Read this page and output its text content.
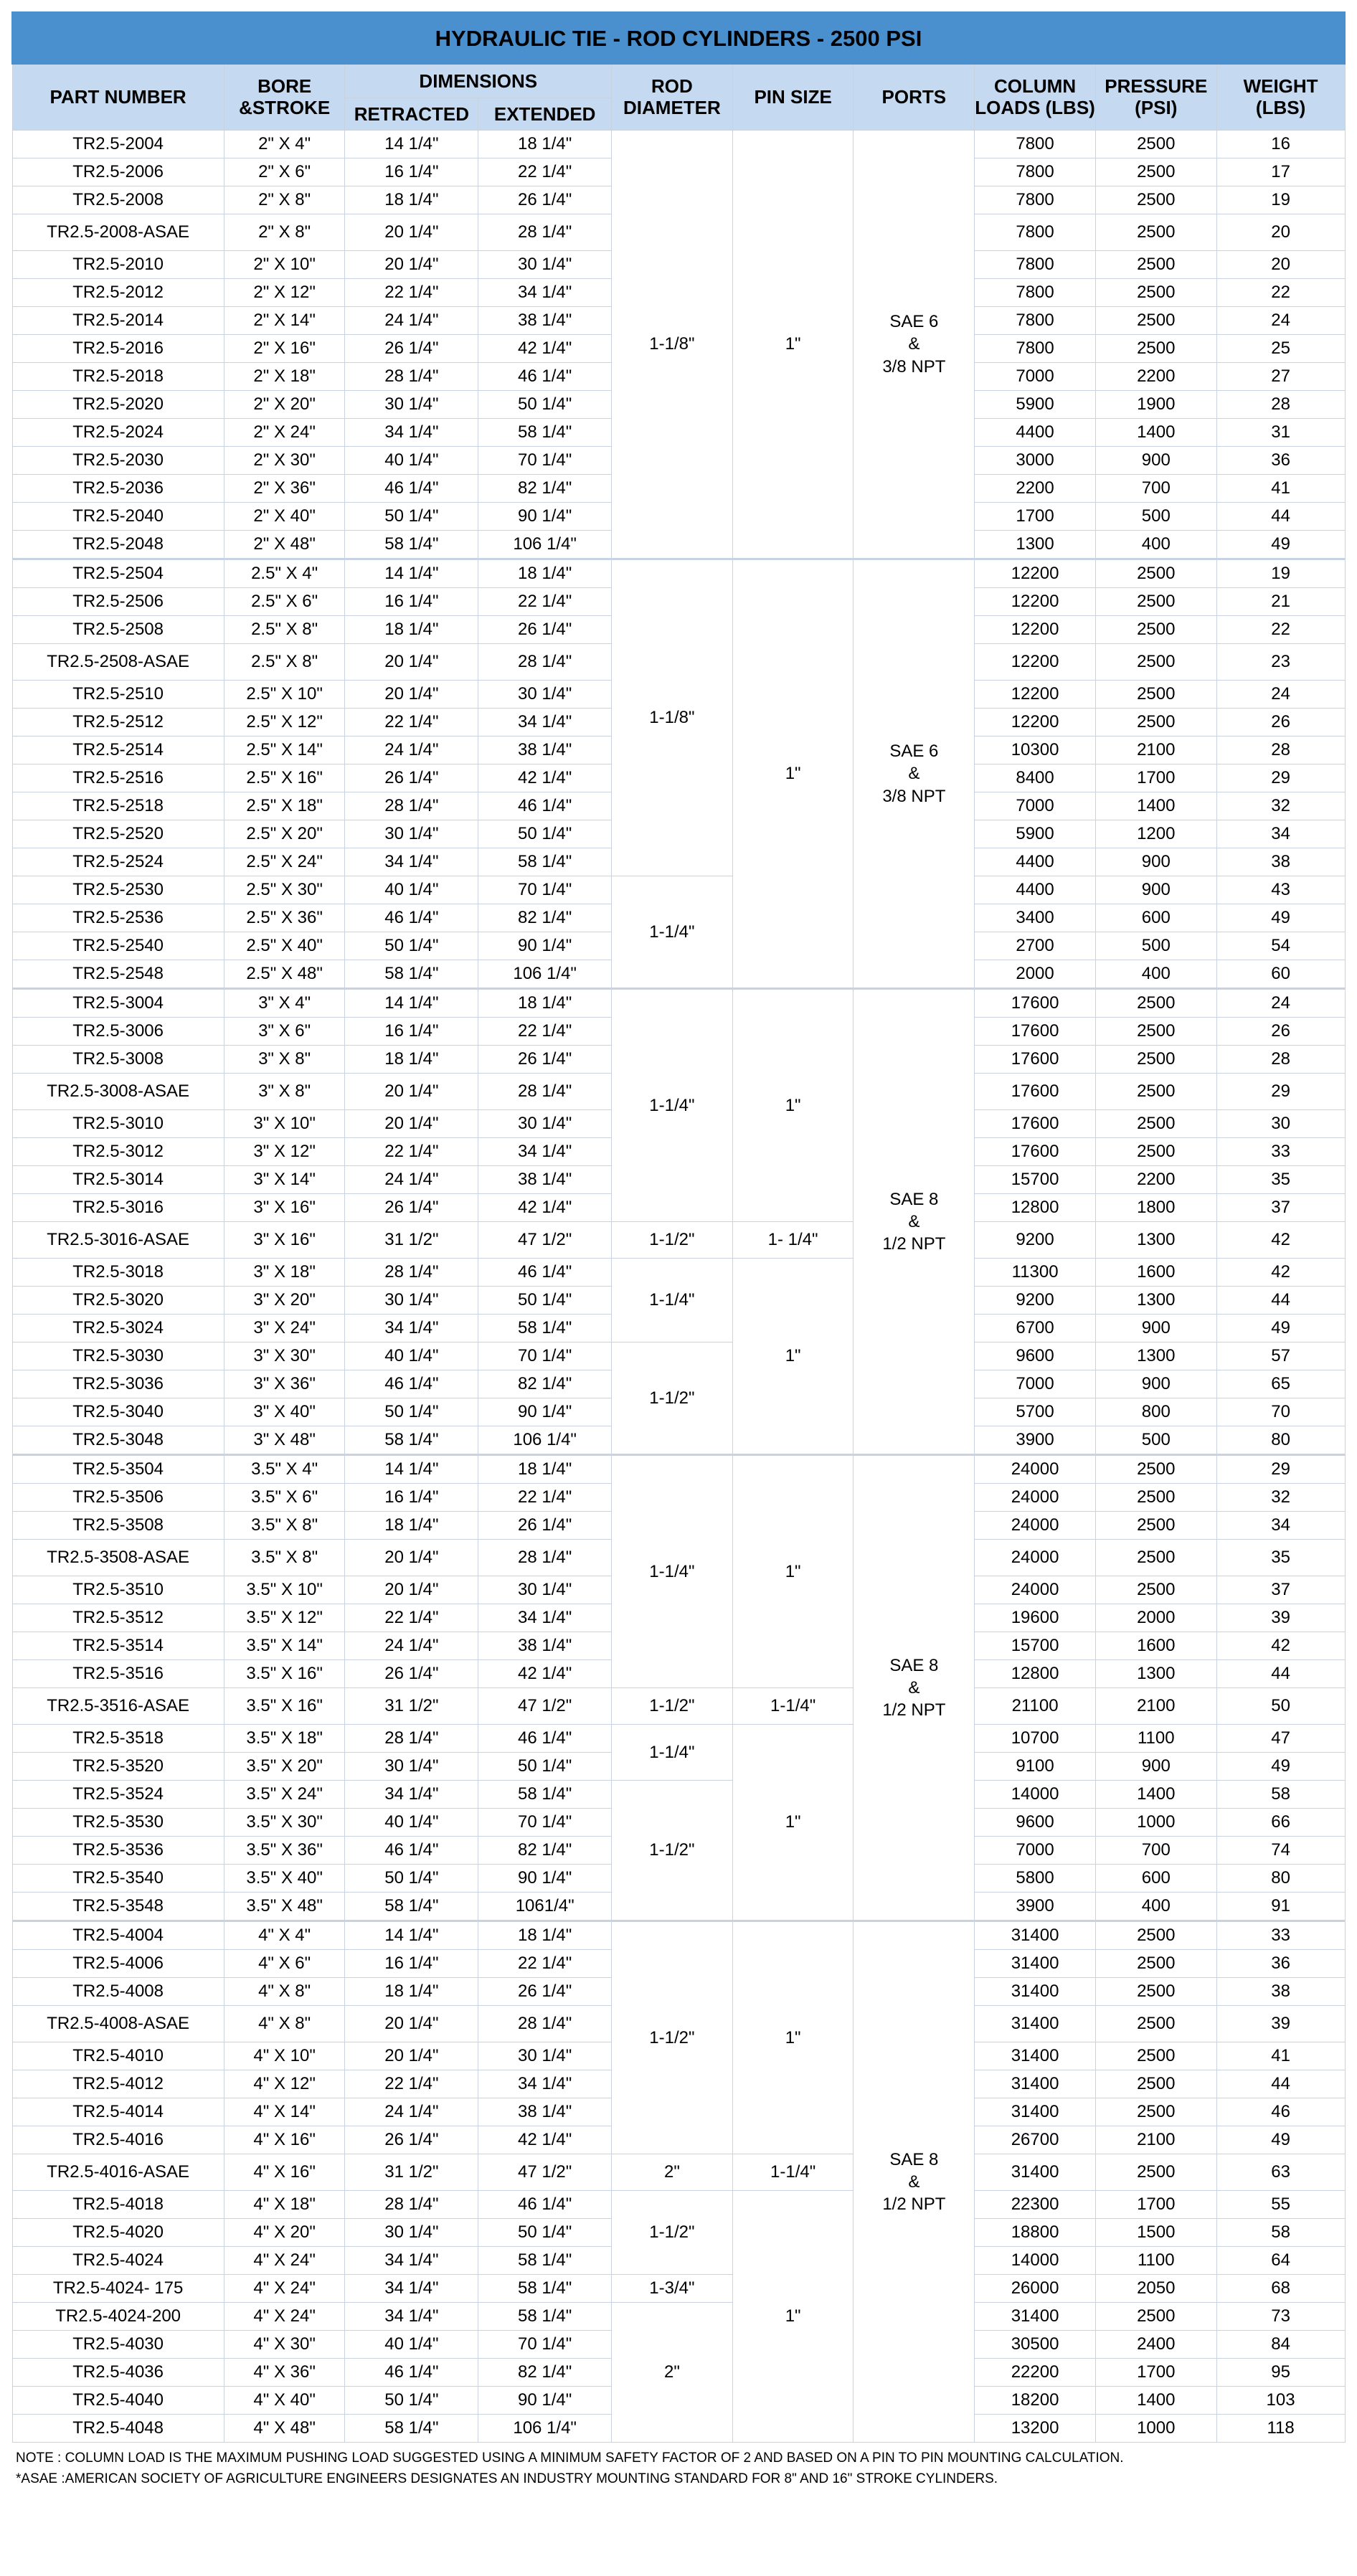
HYDRAULIC TIE - ROD CYLINDERS - 2500 PSI									
PART NUMBER	BORE &STROKE	DIMENSIONS		ROD DIAMETER	PIN SIZE	PORTS	COLUMN LOADS (LBS)	PRESSURE (PSI)	WEIGHT (LBS)
		RETRACTED	EXTENDED						
TR2.5-2004	2" X 4"	14 1/4"	18 1/4"	1-1/8"	1"	SAE 6
&
3/8 NPT	7800	2500	16
TR2.5-2006	2" X 6"	16 1/4"	22 1/4"				7800	2500	17
TR2.5-2008	2" X 8"	18 1/4"	26 1/4"				7800	2500	19
TR2.5-2008-ASAE	2" X 8"	20 1/4"	28 1/4"				7800	2500	20
TR2.5-2010	2" X 10"	20 1/4"	30 1/4"				7800	2500	20
TR2.5-2012	2" X 12"	22 1/4"	34 1/4"				7800	2500	22
TR2.5-2014	2" X 14"	24 1/4"	38 1/4"				7800	2500	24
TR2.5-2016	2" X 16"	26 1/4"	42 1/4"				7800	2500	25
TR2.5-2018	2" X 18"	28 1/4"	46 1/4"				7000	2200	27
TR2.5-2020	2" X 20"	30 1/4"	50 1/4"				5900	1900	28
TR2.5-2024	2" X 24"	34 1/4"	58 1/4"				4400	1400	31
TR2.5-2030	2" X 30"	40 1/4"	70 1/4"				3000	900	36
TR2.5-2036	2" X 36"	46 1/4"	82 1/4"				2200	700	41
TR2.5-2040	2" X 40"	50 1/4"	90 1/4"				1700	500	44
TR2.5-2048	2" X 48"	58 1/4"	106 1/4"				1300	400	49
TR2.5-2504	2.5" X 4"	14 1/4"	18 1/4"	1-1/8"	1"	SAE 6
&
3/8 NPT	12200	2500	19
TR2.5-2506	2.5" X 6"	16 1/4"	22 1/4"				12200	2500	21
TR2.5-2508	2.5" X 8"	18 1/4"	26 1/4"				12200	2500	22
TR2.5-2508-ASAE	2.5" X 8"	20 1/4"	28 1/4"				12200	2500	23
TR2.5-2510	2.5" X 10"	20 1/4"	30 1/4"				12200	2500	24
TR2.5-2512	2.5" X 12"	22 1/4"	34 1/4"				12200	2500	26
TR2.5-2514	2.5" X 14"	24 1/4"	38 1/4"				10300	2100	28
TR2.5-2516	2.5" X 16"	26 1/4"	42 1/4"				8400	1700	29
TR2.5-2518	2.5" X 18"	28 1/4"	46 1/4"				7000	1400	32
TR2.5-2520	2.5" X 20"	30 1/4"	50 1/4"				5900	1200	34
TR2.5-2524	2.5" X 24"	34 1/4"	58 1/4"				4400	900	38
TR2.5-2530	2.5" X 30"	40 1/4"	70 1/4"	1-1/4"			4400	900	43
TR2.5-2536	2.5" X 36"	46 1/4"	82 1/4"				3400	600	49
TR2.5-2540	2.5" X 40"	50 1/4"	90 1/4"				2700	500	54
TR2.5-2548	2.5" X 48"	58 1/4"	106 1/4"				2000	400	60
TR2.5-3004	3" X 4"	14 1/4"	18 1/4"	1-1/4"	1"	SAE 8
&
1/2 NPT	17600	2500	24
TR2.5-3006	3" X 6"	16 1/4"	22 1/4"				17600	2500	26
TR2.5-3008	3" X 8"	18 1/4"	26 1/4"				17600	2500	28
TR2.5-3008-ASAE	3" X 8"	20 1/4"	28 1/4"				17600	2500	29
TR2.5-3010	3" X 10"	20 1/4"	30 1/4"				17600	2500	30
TR2.5-3012	3" X 12"	22 1/4"	34 1/4"				17600	2500	33
TR2.5-3014	3" X 14"	24 1/4"	38 1/4"				15700	2200	35
TR2.5-3016	3" X 16"	26 1/4"	42 1/4"				12800	1800	37
TR2.5-3016-ASAE	3" X 16"	31 1/2"	47 1/2"	1-1/2"	1- 1/4"		9200	1300	42
TR2.5-3018	3" X 18"	28 1/4"	46 1/4"	1-1/4"	1"		11300	1600	42
TR2.5-3020	3" X 20"	30 1/4"	50 1/4"				9200	1300	44
TR2.5-3024	3" X 24"	34 1/4"	58 1/4"				6700	900	49
TR2.5-3030	3" X 30"	40 1/4"	70 1/4"	1-1/2"			9600	1300	57
TR2.5-3036	3" X 36"	46 1/4"	82 1/4"				7000	900	65
TR2.5-3040	3" X 40"	50 1/4"	90 1/4"				5700	800	70
TR2.5-3048	3" X 48"	58 1/4"	106 1/4"				3900	500	80
TR2.5-3504	3.5" X 4"	14 1/4"	18 1/4"	1-1/4"	1"	SAE 8
&
1/2 NPT	24000	2500	29
TR2.5-3506	3.5" X 6"	16 1/4"	22 1/4"				24000	2500	32
TR2.5-3508	3.5" X 8"	18 1/4"	26 1/4"				24000	2500	34
TR2.5-3508-ASAE	3.5" X 8"	20 1/4"	28 1/4"				24000	2500	35
TR2.5-3510	3.5" X 10"	20 1/4"	30 1/4"				24000	2500	37
TR2.5-3512	3.5" X 12"	22 1/4"	34 1/4"				19600	2000	39
TR2.5-3514	3.5" X 14"	24 1/4"	38 1/4"				15700	1600	42
TR2.5-3516	3.5" X 16"	26 1/4"	42 1/4"				12800	1300	44
TR2.5-3516-ASAE	3.5" X 16"	31 1/2"	47 1/2"	1-1/2"	1-1/4"		21100	2100	50
TR2.5-3518	3.5" X 18"	28 1/4"	46 1/4"	1-1/4"	1"		10700	1100	47
TR2.5-3520	3.5" X 20"	30 1/4"	50 1/4"				9100	900	49
TR2.5-3524	3.5" X 24"	34 1/4"	58 1/4"	1-1/2"			14000	1400	58
TR2.5-3530	3.5" X 30"	40 1/4"	70 1/4"				9600	1000	66
TR2.5-3536	3.5" X 36"	46 1/4"	82 1/4"				7000	700	74
TR2.5-3540	3.5" X 40"	50 1/4"	90 1/4"				5800	600	80
TR2.5-3548	3.5" X 48"	58 1/4"	1061/4"				3900	400	91
TR2.5-4004	4" X 4"	14 1/4"	18 1/4"	1-1/2"	1"	SAE 8
&
1/2 NPT	31400	2500	33
TR2.5-4006	4" X 6"	16 1/4"	22 1/4"				31400	2500	36
TR2.5-4008	4" X 8"	18 1/4"	26 1/4"				31400	2500	38
TR2.5-4008-ASAE	4" X 8"	20 1/4"	28 1/4"				31400	2500	39
TR2.5-4010	4" X 10"	20 1/4"	30 1/4"				31400	2500	41
TR2.5-4012	4" X 12"	22 1/4"	34 1/4"				31400	2500	44
TR2.5-4014	4" X 14"	24 1/4"	38 1/4"				31400	2500	46
TR2.5-4016	4" X 16"	26 1/4"	42 1/4"				26700	2100	49
TR2.5-4016-ASAE	4" X 16"	31 1/2"	47 1/2"	2"	1-1/4"		31400	2500	63
TR2.5-4018	4" X 18"	28 1/4"	46 1/4"	1-1/2"	1"		22300	1700	55
TR2.5-4020	4" X 20"	30 1/4"	50 1/4"				18800	1500	58
TR2.5-4024	4" X 24"	34 1/4"	58 1/4"				14000	1100	64
TR2.5-4024- 175	4" X 24"	34 1/4"	58 1/4"	1-3/4"			26000	2050	68
TR2.5-4024-200	4" X 24"	34 1/4"	58 1/4"	2"			31400	2500	73
TR2.5-4030	4" X 30"	40 1/4"	70 1/4"				30500	2400	84
TR2.5-4036	4" X 36"	46 1/4"	82 1/4"				22200	1700	95
TR2.5-4040	4" X 40"	50 1/4"	90 1/4"				18200	1400	103
TR2.5-4048	4" X 48"	58 1/4"	106 1/4"				13200	1000	118
NOTE : COLUMN LOAD IS THE MAXIMUM PUSHING LOAD SUGGESTED USING A MINIMUM SAFETY FACTOR OF 2 AND BASED ON A PIN TO PIN MOUNTING CALCULATION.
*ASAE :AMERICAN SOCIETY OF AGRICULTURE ENGINEERS DESIGNATES AN INDUSTRY MOUNTING STANDARD FOR 8" AND 16" STROKE CYLINDERS.
